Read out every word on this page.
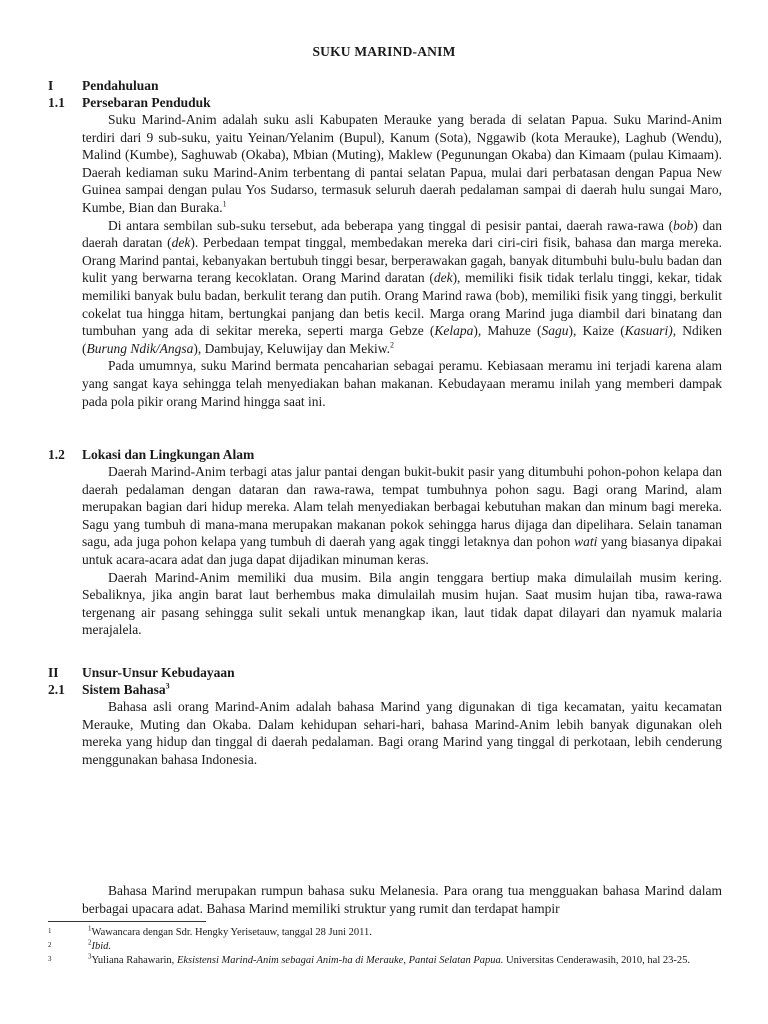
SUKU MARIND-ANIM
I Pendahuluan
1.1 Persebaran Penduduk

Suku Marind-Anim adalah suku asli Kabupaten Merauke yang berada di selatan Papua. Suku Marind-Anim terdiri dari 9 sub-suku, yaitu Yeinan/Yelanim (Bupul), Kanum (Sota), Nggawib (kota Merauke), Laghub (Wendu), Malind (Kumbe), Saghuwab (Okaba), Mbian (Muting), Maklew (Pegunungan Okaba) dan Kimaam (pulau Kimaam). Daerah kediaman suku Marind-Anim terbentang di pantai selatan Papua, mulai dari perbatasan dengan Papua New Guinea sampai dengan pulau Yos Sudarso, termasuk seluruh daerah pedalaman sampai di daerah hulu sungai Maro, Kumbe, Bian dan Buraka.$^1$

Di antara sembilan sub-suku tersebut, ada beberapa yang tinggal di pesisir pantai, daerah rawa-rawa (bob) dan daerah daratan (dek). Perbedaan tempat tinggal, membedakan mereka dari ciri-ciri fisik, bahasa dan marga mereka. Orang Marind pantai, kebanyakan bertubuh tinggi besar, berperawakan gagah, banyak ditumbuhi bulu-bulu badan dan kulit yang berwarna terang kecoklatan. Orang Marind daratan (dek), memiliki fisik tidak terlalu tinggi, kekar, tidak memiliki banyak bulu badan, berkulit terang dan putih. Orang Marind rawa (bob), memiliki fisik yang tinggi, berkulit cokelat tua hingga hitam, bertungkai panjang dan betis kecil. Marga orang Marind juga diambil dari binatang dan tumbuhan yang ada di sekitar mereka, seperti marga Gebze (Kelapa), Mahuze (Sagu), Kaize (Kasuari), Ndiken (Burung Ndik/Angsa), Dambujay, Keluwijay dan Mekiw.$^2$

Pada umumnya, suku Marind bermata pencaharian sebagai peramu. Kebiasaan meramu ini terjadi karena alam yang sangat kaya sehingga telah menyediakan bahan makanan. Kebudayaan meramu inilah yang memberi dampak pada pola pikir orang Marind hingga saat ini.

1.2 Lokasi dan Lingkungan Alam

Daerah Marind-Anim terbagi atas jalur pantai dengan bukit-bukit pasir yang ditumbuhi pohon-pohon kelapa dan daerah pedalaman dengan dataran dan rawa-rawa, tempat tumbuhnya pohon sagu. Bagi orang Marind, alam merupakan bagian dari hidup mereka. Alam telah menyediakan berbagai kebutuhan makan dan minum bagi mereka. Sagu yang tumbuh di mana-mana merupakan makanan pokok sehingga harus dijaga dan dipelihara. Selain tanaman sagu, ada juga pohon kelapa yang tumbuh di daerah yang agak tinggi letaknya dan pohon wati yang biasanya dipakai untuk acara-acara adat dan juga dapat dijadikan minuman keras.

Daerah Marind-Anim memiliki dua musim. Bila angin tenggara bertiup maka dimulailah musim kering. Sebaliknya, jika angin barat laut berhembus maka dimulailah musim hujan. Saat musim hujan tiba, rawa-rawa tergenang air pasang sehingga sulit sekali untuk menangkap ikan, laut tidak dapat dilayari dan nyamuk malaria merajalela.

II Unsur-Unsur Kebudayaan
2.1 Sistem Bahasa$^3$

Bahasa asli orang Marind-Anim adalah bahasa Marind yang digunakan di tiga kecamatan, yaitu kecamatan Merauke, Muting dan Okaba. Dalam kehidupan sehari-hari, bahasa Marind-Anim lebih banyak digunakan oleh mereka yang hidup dan tinggal di daerah pedalaman. Bagi orang Marind yang tinggal di perkotaan, lebih cenderung menggunakan bahasa Indonesia.

Bahasa Marind merupakan rumpun bahasa suku Melanesia. Para orang tua mengguakan bahasa Marind dalam berbagai upacara adat. Bahasa Marind memiliki struktur yang rumit dan terdapat hampir

1	$^1$Wawancara dengan Sdr. Hengky Yerisetauw, tanggal 28 Juni 2011.
2	$^2$Ibid.
3	$^3$Yuliana Rahawarin, Eksistensi Marind-Anim sebagai Anim-ha di Merauke, Pantai Selatan Papua. Universitas Cenderawasih, 2010, hal 23-25.
